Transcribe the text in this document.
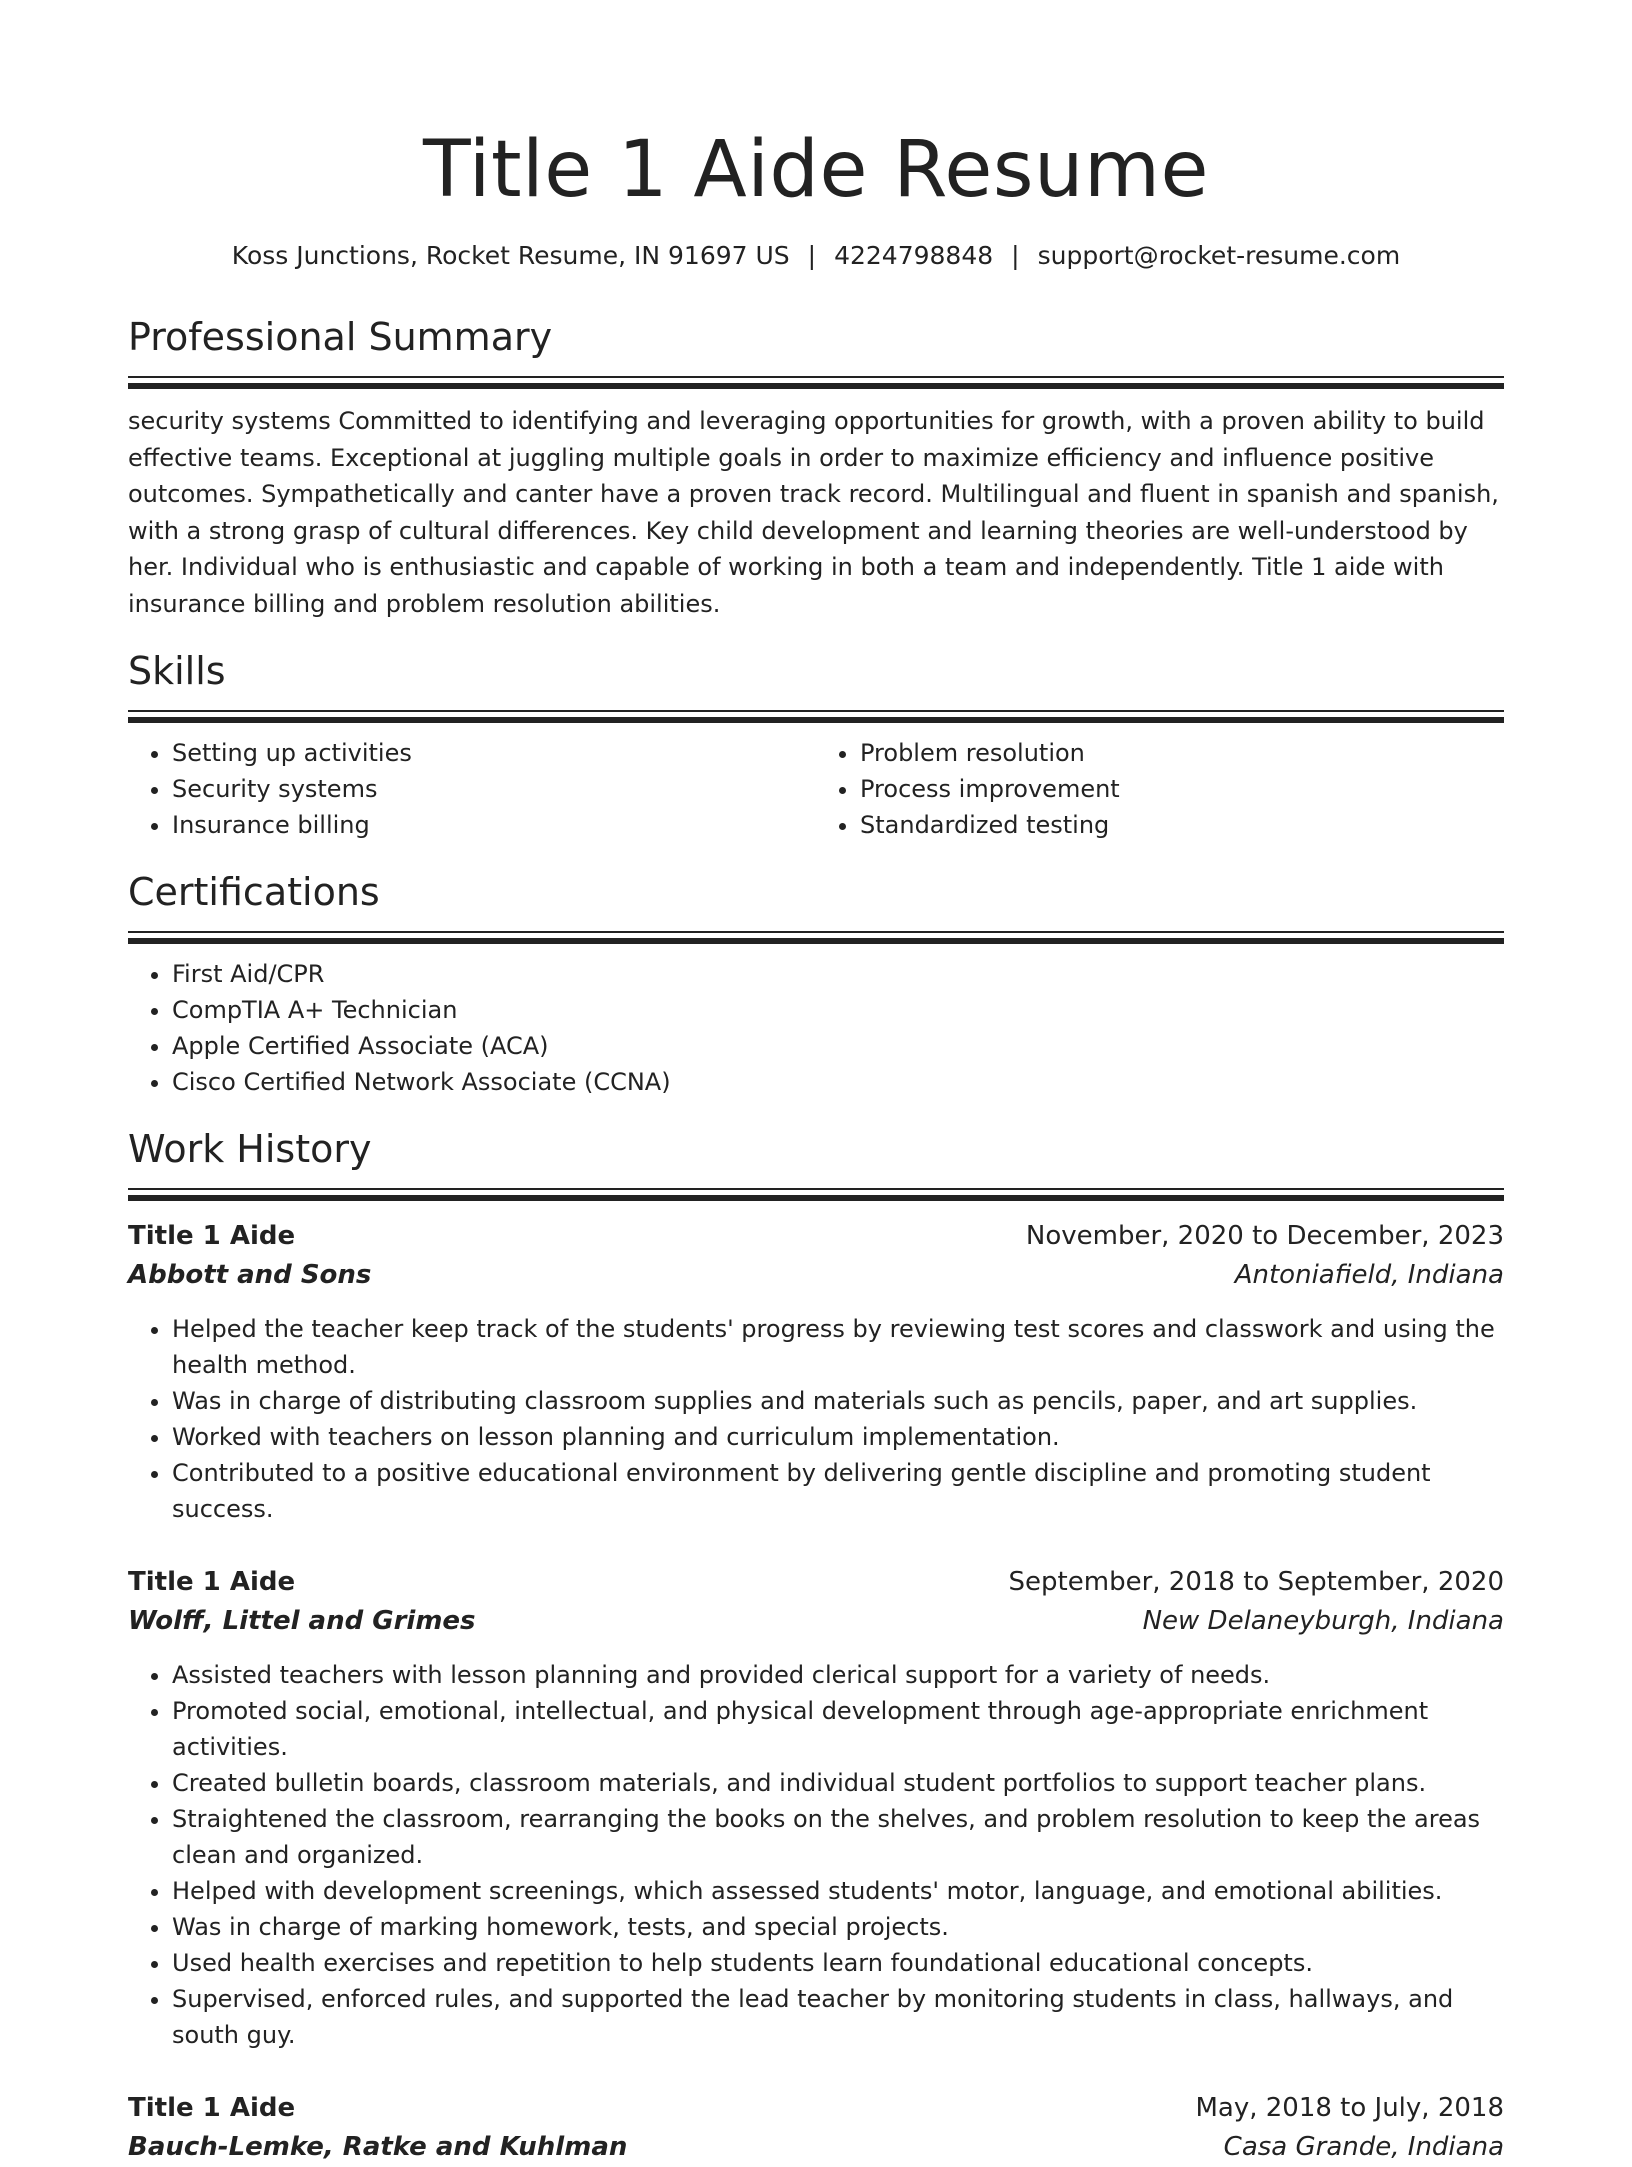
Title 1 Aide Resume
Koss Junctions, Rocket Resume, IN 91697 US | 4224798848 | support@rocket-resume.com
Professional Summary

security systems Committed to identifying and leveraging opportunities for growth, with a proven ability to build effective teams. Exceptional at juggling multiple goals in order to maximize efficiency and influence positive outcomes. Sympathetically and canter have a proven track record. Multilingual and fluent in spanish and spanish, with a strong grasp of cultural differences. Key child development and learning theories are well-understood by her. Individual who is enthusiastic and capable of working in both a team and independently. Title 1 aide with insurance billing and problem resolution abilities.

Skills
• Setting up activities
• Security systems
• Insurance billing
• Problem resolution
• Process improvement
• Standardized testing
Certifications
• First Aid/CPR
• CompTIA A+ Technician
• Apple Certified Associate (ACA)
• Cisco Certified Network Associate (CCNA)
Work History
Title 1 Aide	November, 2020 to December, 2023
Abbott and Sons	Antoniafield, Indiana
• Helped the teacher keep track of the students' progress by reviewing test scores and classwork and using the health method.
• Was in charge of distributing classroom supplies and materials such as pencils, paper, and art supplies.
• Worked with teachers on lesson planning and curriculum implementation.
• Contributed to a positive educational environment by delivering gentle discipline and promoting student success.
Title 1 Aide	September, 2018 to September, 2020
Wolff, Littel and Grimes	New Delaneyburgh, Indiana
• Assisted teachers with lesson planning and provided clerical support for a variety of needs.
• Promoted social, emotional, intellectual, and physical development through age-appropriate enrichment activities.
• Created bulletin boards, classroom materials, and individual student portfolios to support teacher plans.
• Straightened the classroom, rearranging the books on the shelves, and problem resolution to keep the areas clean and organized.
• Helped with development screenings, which assessed students' motor, language, and emotional abilities.
• Was in charge of marking homework, tests, and special projects.
• Used health exercises and repetition to help students learn foundational educational concepts.
• Supervised, enforced rules, and supported the lead teacher by monitoring students in class, hallways, and south guy.
Title 1 Aide	May, 2018 to July, 2018
Bauch-Lemke, Ratke and Kuhlman	Casa Grande, Indiana
